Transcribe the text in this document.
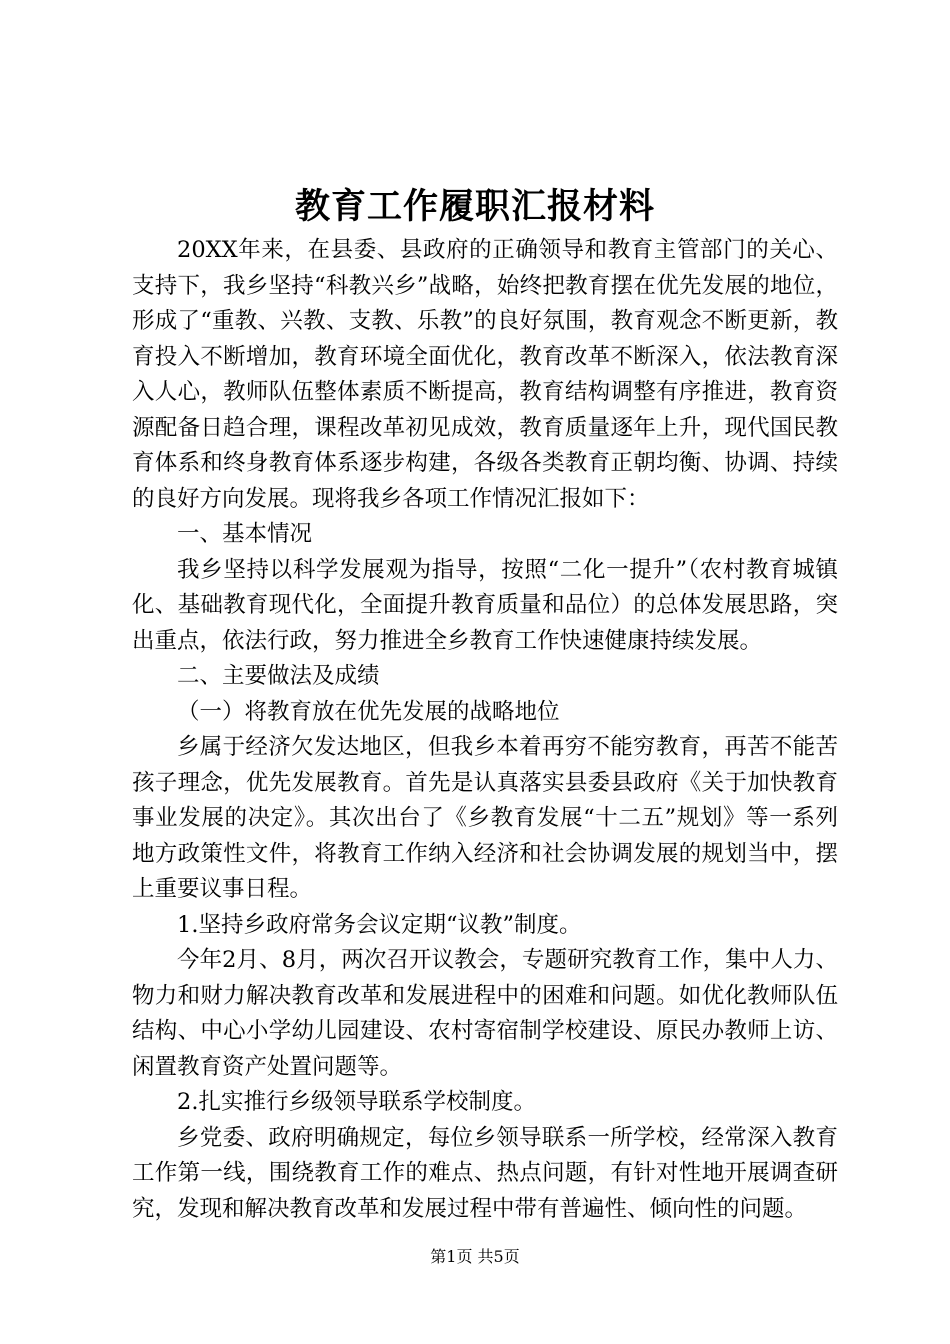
教育工作履职汇报材料

20XX年来，在县委、县政府的正确领导和教育主管部门的关心、支持下，我乡坚持“科教兴乡”战略，始终把教育摆在优先发展的地位，形成了“重教、兴教、支教、乐教”的良好氛围，教育观念不断更新，教育投入不断增加，教育环境全面优化，教育改革不断深入，依法教育深入人心，教师队伍整体素质不断提高，教育结构调整有序推进，教育资源配备日趋合理，课程改革初见成效，教育质量逐年上升，现代国民教育体系和终身教育体系逐步构建，各级各类教育正朝均衡、协调、持续的良好方向发展。现将我乡各项工作情况汇报如下：

一、基本情况

我乡坚持以科学发展观为指导，按照“二化一提升”（农村教育城镇化、基础教育现代化，全面提升教育质量和品位）的总体发展思路，突出重点，依法行政，努力推进全乡教育工作快速健康持续发展。

二、主要做法及成绩

（一）将教育放在优先发展的战略地位

乡属于经济欠发达地区，但我乡本着再穷不能穷教育，再苦不能苦孩子理念，优先发展教育。首先是认真落实县委县政府《关于加快教育事业发展的决定》。其次出台了《乡教育发展“十二五”规划》等一系列地方政策性文件，将教育工作纳入经济和社会协调发展的规划当中，摆上重要议事日程。

1.坚持乡政府常务会议定期“议教”制度。

今年2月、8月，两次召开议教会，专题研究教育工作，集中人力、物力和财力解决教育改革和发展进程中的困难和问题。如优化教师队伍结构、中心小学幼儿园建设、农村寄宿制学校建设、原民办教师上访、闲置教育资产处置问题等。

2.扎实推行乡级领导联系学校制度。

乡党委、政府明确规定，每位乡领导联系一所学校，经常深入教育工作第一线，围绕教育工作的难点、热点问题，有针对性地开展调查研究，发现和解决教育改革和发展过程中带有普遍性、倾向性的问题。

第1页 共5页
